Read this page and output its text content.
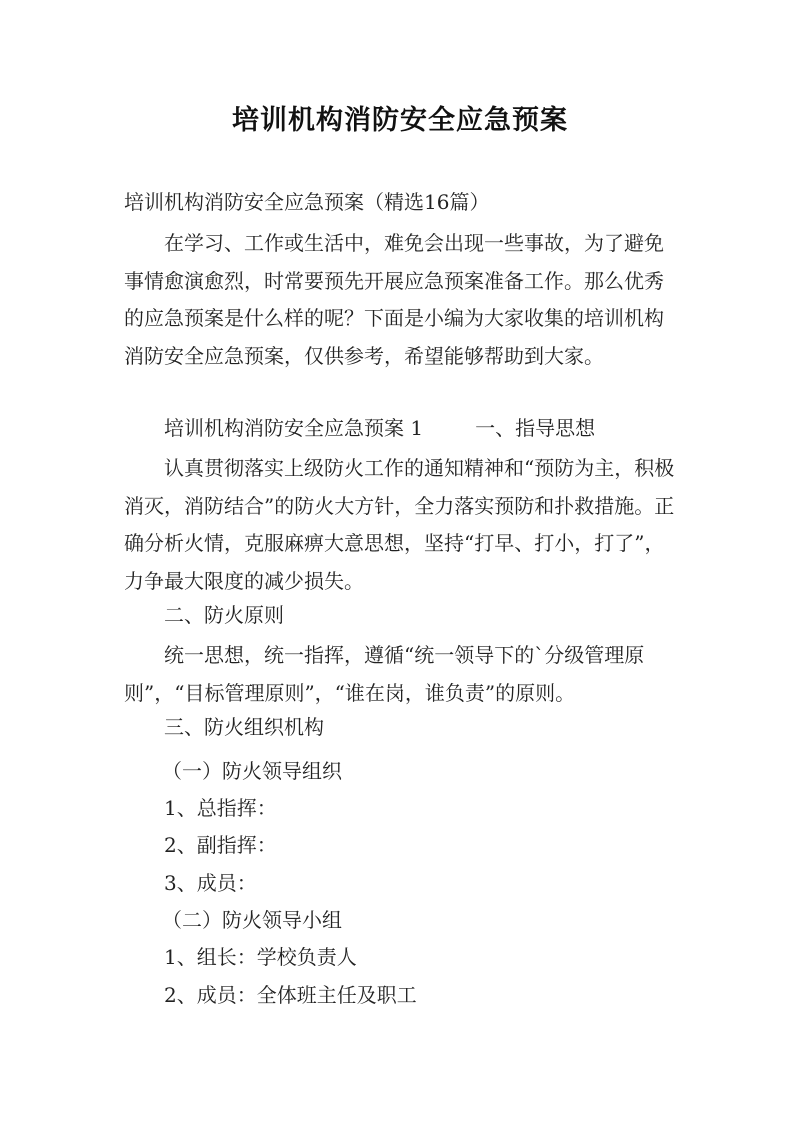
培训机构消防安全应急预案
培训机构消防安全应急预案（精选16篇）
在学习、工作或生活中，难免会出现一些事故，为了避免事情愈演愈烈，时常要预先开展应急预案准备工作。那么优秀的应急预案是什么样的呢？下面是小编为大家收集的培训机构消防安全应急预案，仅供参考，希望能够帮助到大家。
培训机构消防安全应急预案 1	一、指导思想
认真贯彻落实上级防火工作的通知精神和“预防为主，积极消灭，消防结合”的防火大方针，全力落实预防和扑救措施。正确分析火情，克服麻痹大意思想，坚持“打早、打小，打了”，力争最大限度的减少损失。
二、防火原则
统一思想，统一指挥，遵循“统一领导下的`分级管理原则”，“目标管理原则”，“谁在岗，谁负责”的原则。
三、防火组织机构
（一）防火领导组织
1、总指挥：
2、副指挥：
3、成员：
（二）防火领导小组
1、组长：学校负责人
2、成员：全体班主任及职工
